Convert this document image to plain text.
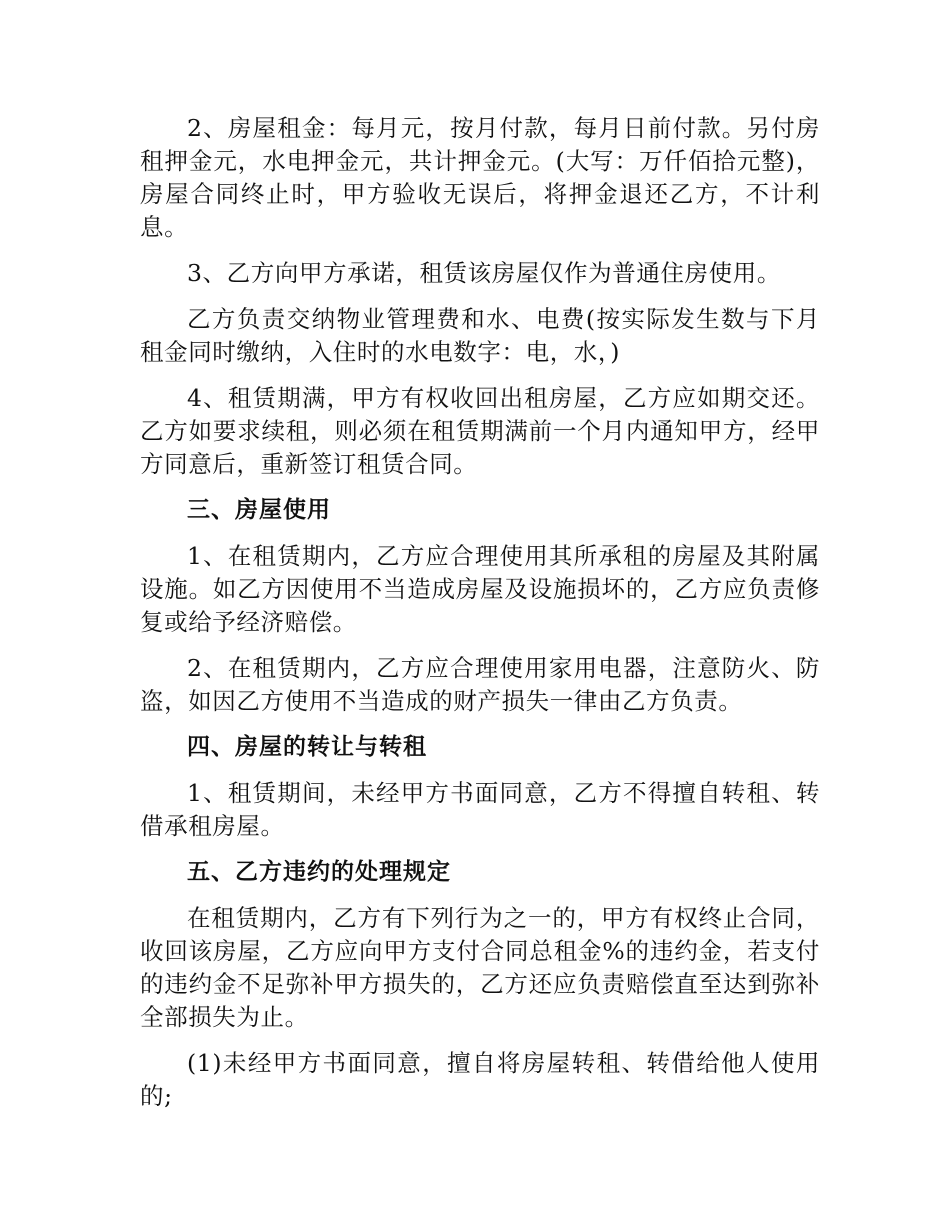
2、房屋租金：每月元，按月付款，每月日前付款。另付房租押金元，水电押金元，共计押金元。(大写：万仟佰拾元整)，房屋合同终止时，甲方验收无误后，将押金退还乙方，不计利息。

3、乙方向甲方承诺，租赁该房屋仅作为普通住房使用。

乙方负责交纳物业管理费和水、电费(按实际发生数与下月租金同时缴纳，入住时的水电数字：电，水，)

4、租赁期满，甲方有权收回出租房屋，乙方应如期交还。乙方如要求续租，则必须在租赁期满前一个月内通知甲方，经甲方同意后，重新签订租赁合同。

三、房屋使用

1、在租赁期内，乙方应合理使用其所承租的房屋及其附属设施。如乙方因使用不当造成房屋及设施损坏的，乙方应负责修复或给予经济赔偿。

2、在租赁期内，乙方应合理使用家用电器，注意防火、防盗，如因乙方使用不当造成的财产损失一律由乙方负责。

四、房屋的转让与转租

1、租赁期间，未经甲方书面同意，乙方不得擅自转租、转借承租房屋。

五、乙方违约的处理规定

在租赁期内，乙方有下列行为之一的，甲方有权终止合同，收回该房屋，乙方应向甲方支付合同总租金%的违约金，若支付的违约金不足弥补甲方损失的，乙方还应负责赔偿直至达到弥补全部损失为止。

(1)未经甲方书面同意，擅自将房屋转租、转借给他人使用的;
